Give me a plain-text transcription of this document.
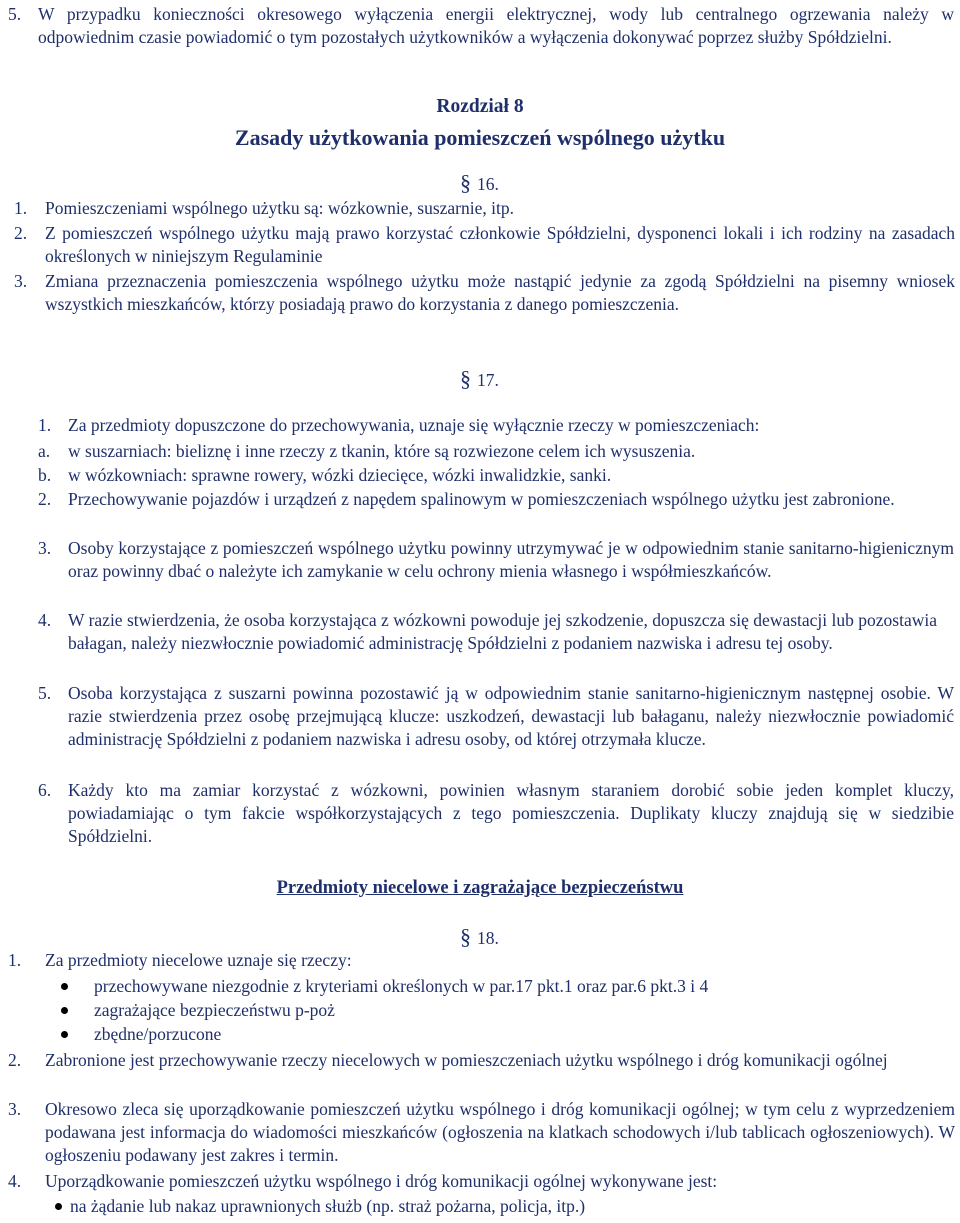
5. W przypadku konieczności okresowego wyłączenia energii elektrycznej, wody lub centralnego ogrzewania należy w odpowiednim czasie powiadomić o tym pozostałych użytkowników a wyłączenia dokonywać poprzez służby Spółdzielni.
Rozdział 8
Zasady użytkowania pomieszczeń wspólnego użytku
§ 16.
1. Pomieszczeniami wspólnego użytku są: wózkownie, suszarnie, itp.
2. Z pomieszczeń wspólnego użytku mają prawo korzystać członkowie Spółdzielni, dysponenci lokali i ich rodziny na zasadach określonych w niniejszym Regulaminie
3. Zmiana przeznaczenia pomieszczenia wspólnego użytku może nastąpić jedynie za zgodą Spółdzielni na pisemny wniosek wszystkich mieszkańców, którzy posiadają prawo do korzystania z danego pomieszczenia.
§ 17.
1. Za przedmioty dopuszczone do przechowywania, uznaje się wyłącznie rzeczy w pomieszczeniach:
a. w suszarniach: bieliznę i inne rzeczy z tkanin, które są rozwiezone celem ich wysuszenia.
b. w wózkowniach: sprawne rowery, wózki dziecięce, wózki inwalidzkie, sanki.
2. Przechowywanie pojazdów i urządzeń z napędem spalinowym w pomieszczeniach wspólnego użytku jest zabronione.
3. Osoby korzystające z pomieszczeń wspólnego użytku powinny utrzymywać je w odpowiednim stanie sanitarno-higienicznym oraz powinny dbać o należyte ich zamykanie w celu ochrony mienia własnego i współmieszkańców.
4. W razie stwierdzenia, że osoba korzystająca z wózkowni powoduje jej szkodzenie, dopuszcza się dewastacji lub pozostawia bałagan, należy niezwłocznie powiadomić administrację Spółdzielni z podaniem nazwiska i adresu tej osoby.
5. Osoba korzystająca z suszarni powinna pozostawić ją w odpowiednim stanie sanitarno-higienicznym następnej osobie. W razie stwierdzenia przez osobę przejmującą klucze: uszkodzeń, dewastacji lub bałaganu, należy niezwłocznie powiadomić administrację Spółdzielni z podaniem nazwiska i adresu osoby, od której otrzymała klucze.
6. Każdy kto ma zamiar korzystać z wózkowni, powinien własnym staraniem dorobić sobie jeden komplet kluczy, powiadamiając o tym fakcie współkorzystających z tego pomieszczenia. Duplikaty kluczy znajdują się w siedzibie Spółdzielni.
Przedmioty niecelowe i zagrażające bezpieczeństwu
§ 18.
1. Za przedmioty niecelowe uznaje się rzeczy:
przechowywane niezgodnie z kryteriami określonych w par.17 pkt.1 oraz par.6 pkt.3 i 4
zagrażające bezpieczeństwu p-poż
zbędne/porzucone
2. Zabronione jest przechowywanie rzeczy niecelowych w pomieszczeniach użytku wspólnego i dróg komunikacji ogólnej
3. Okresowo zleca się uporządkowanie pomieszczeń użytku wspólnego i dróg komunikacji ogólnej; w tym celu z wyprzedzeniem podawana jest informacja do wiadomości mieszkańców (ogłoszenia na klatkach schodowych i/lub tablicach ogłoszeniowych). W ogłoszeniu podawany jest zakres i termin.
4. Uporządkowanie pomieszczeń użytku wspólnego i dróg komunikacji ogólnej wykonywane jest:
na żądanie lub nakaz uprawnionych służb (np. straż pożarna, policja, itp.)
